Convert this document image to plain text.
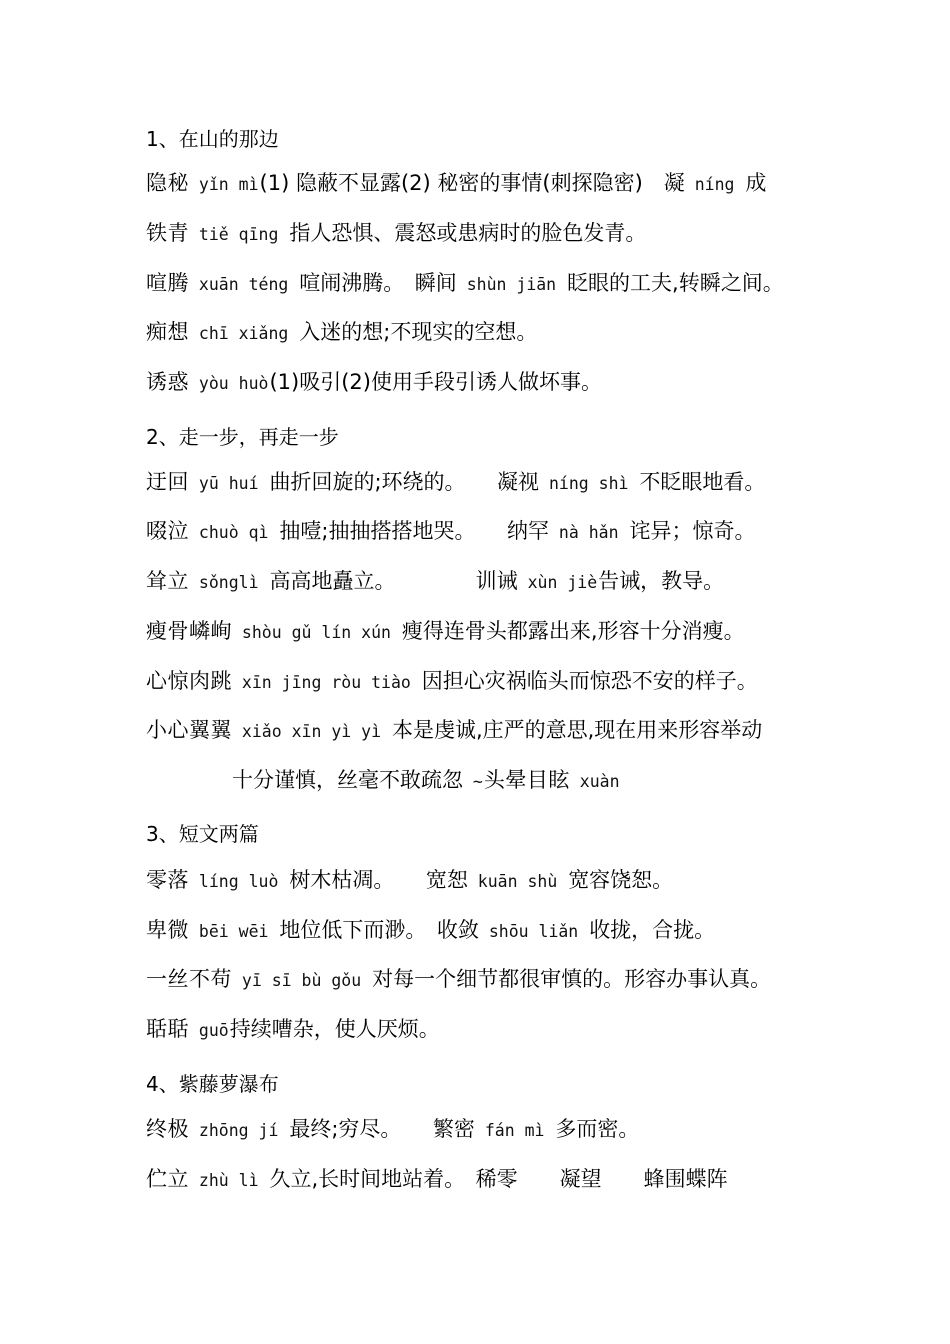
1、在山的那边
隐秘 yǐn mì(1) 隐蔽不显露(2) 秘密的事情(刺探隐密)　凝 níng 成
铁青 tiě qīng 指人恐惧、震怒或患病时的脸色发青。
喧腾 xuān téng 喧闹沸腾。　瞬间 shùn jiān 眨眼的工夫,转瞬之间。
痴想 chī xiǎng 入迷的想;不现实的空想。
诱惑 yòu huò(1)吸引(2)使用手段引诱人做坏事。
2、走一步，再走一步
迂回 yū huí 曲折回旋的;环绕的。　　凝视 níng shì 不眨眼地看。
啜泣 chuò qì 抽噎;抽抽搭搭地哭。　　纳罕 nà hǎn 诧异；惊奇。
耸立 sǒnglì 高高地矗立。　　　　 训诫 xùn jiè告诫，教导。
瘦骨嶙峋 shòu gǔ lín xún 瘦得连骨头都露出来,形容十分消瘦。
心惊肉跳 xīn jīng ròu tiào 因担心灾祸临头而惊恐不安的样子。
小心翼翼 xiǎo xīn yì yì 本是虔诚,庄严的意思,现在用来形容举动
十分谨慎，丝毫不敢疏忽 ~头晕目眩 xuàn
3、短文两篇
零落 líng luò 树木枯凋。　　宽恕 kuān shù 宽容饶恕。
卑微 bēi wēi 地位低下而渺。　收敛 shōu liǎn 收拢，合拢。
一丝不苟 yī sī bù gǒu 对每一个细节都很审慎的。形容办事认真。
聒聒 guō持续嘈杂，使人厌烦。
4、紫藤萝瀑布
终极 zhōng jí 最终;穷尽。　　繁密 fán mì 多而密。
伫立 zhù lì 久立,长时间地站着。　稀零　　凝望　　蜂围蝶阵
